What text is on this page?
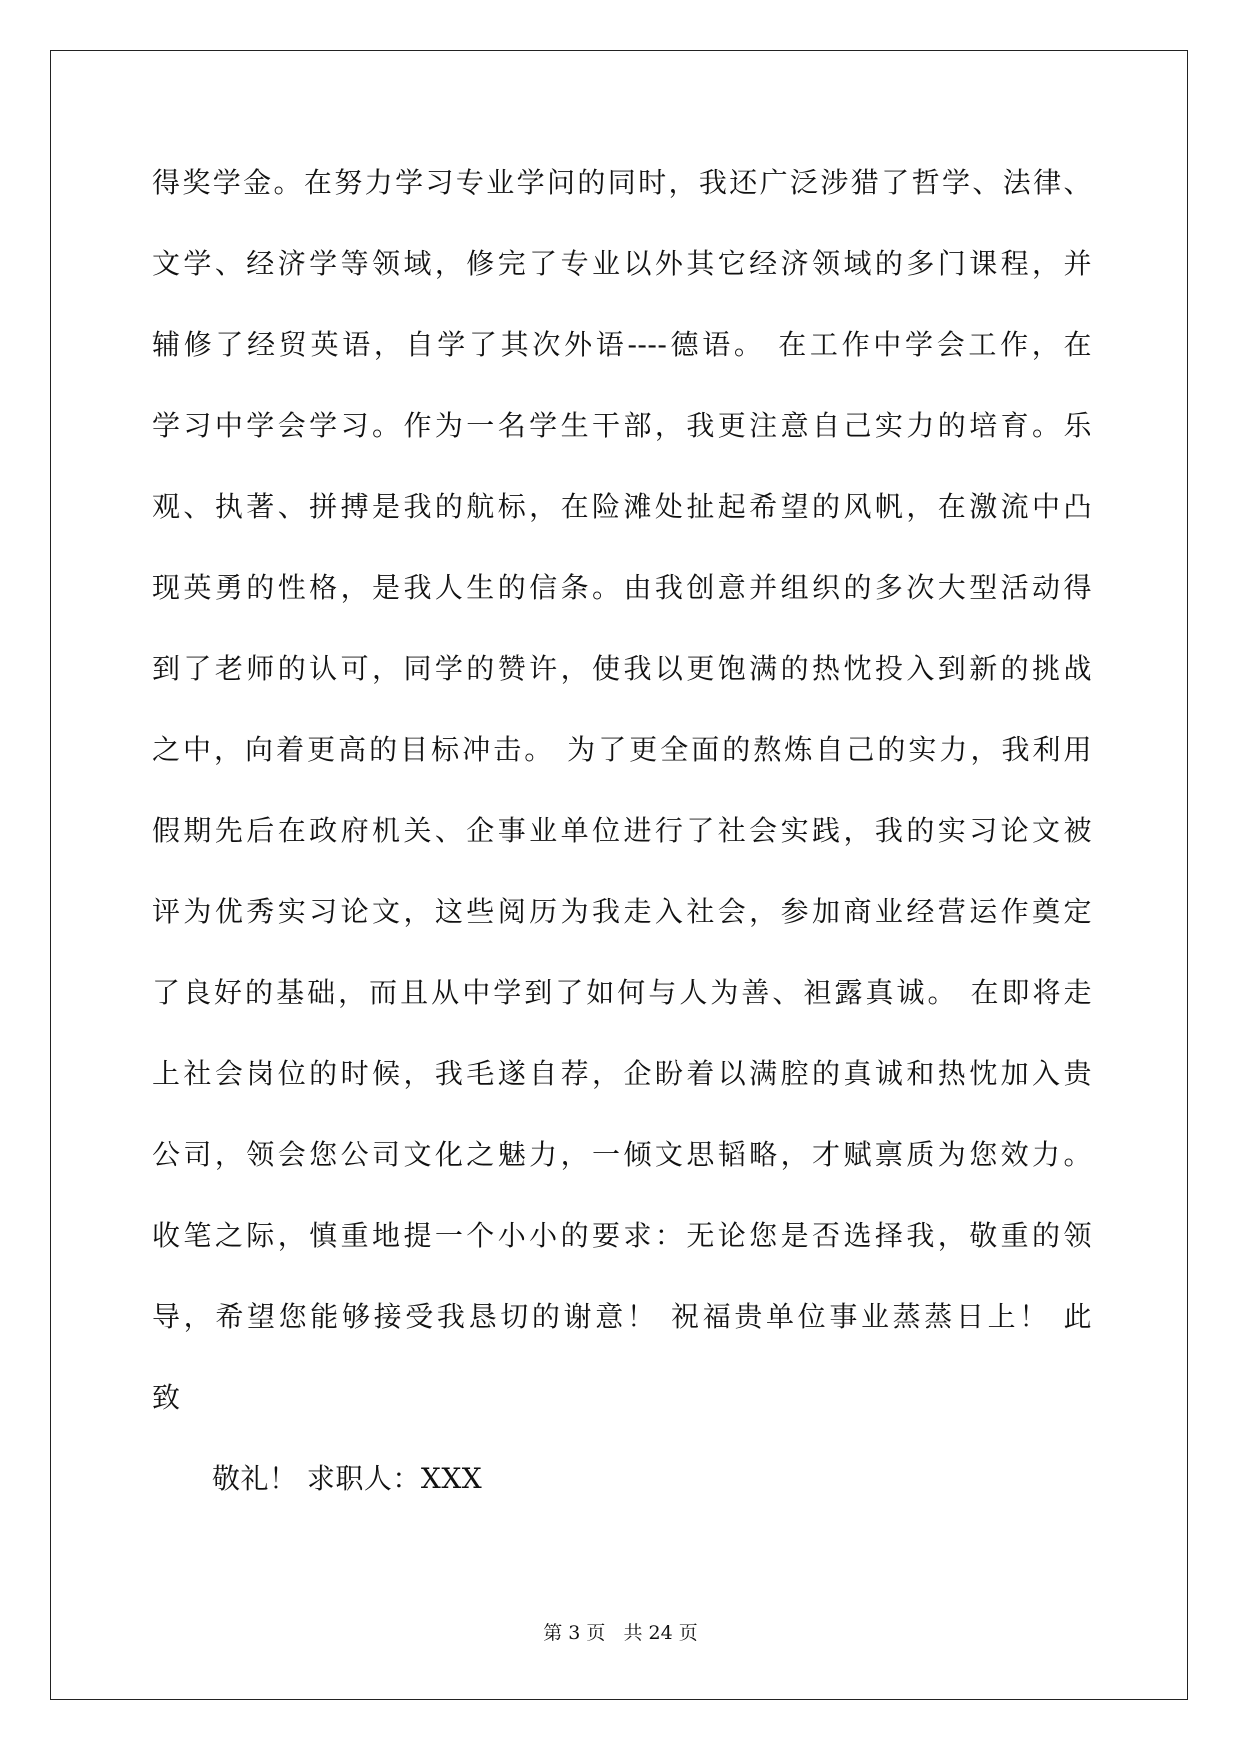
得奖学金。在努力学习专业学问的同时，我还广泛涉猎了哲学、法律、
文学、经济学等领域，修完了专业以外其它经济领域的多门课程，并
辅修了经贸英语，自学了其次外语----德语。 在工作中学会工作，在
学习中学会学习。作为一名学生干部，我更注意自己实力的培育。乐
观、执著、拼搏是我的航标，在险滩处扯起希望的风帆，在激流中凸
现英勇的性格，是我人生的信条。由我创意并组织的多次大型活动得
到了老师的认可，同学的赞许，使我以更饱满的热忱投入到新的挑战
之中，向着更高的目标冲击。 为了更全面的熬炼自己的实力，我利用
假期先后在政府机关、企事业单位进行了社会实践，我的实习论文被
评为优秀实习论文，这些阅历为我走入社会，参加商业经营运作奠定
了良好的基础，而且从中学到了如何与人为善、袒露真诚。 在即将走
上社会岗位的时候，我毛遂自荐，企盼着以满腔的真诚和热忱加入贵
公司，领会您公司文化之魅力，一倾文思韬略，才赋禀质为您效力。
收笔之际，慎重地提一个小小的要求：无论您是否选择我，敬重的领
导，希望您能够接受我恳切的谢意！ 祝福贵单位事业蒸蒸日上！ 此
致
敬礼！ 求职人：XXX
第 3 页   共 24 页
